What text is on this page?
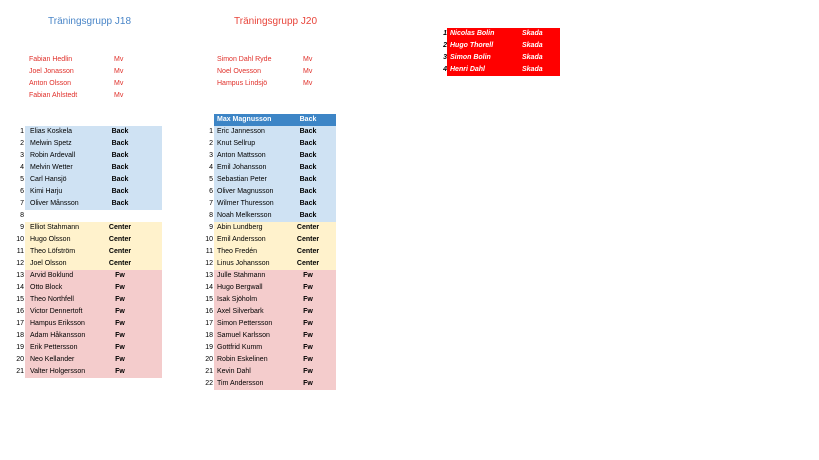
Träningsgrupp J18	Träningsgrupp J20
Fabian Hedlin	Mv
Joel Jonasson	Mv
Anton Olsson	Mv
Fabian Ahlstedt	Mv
Simon Dahl Ryde	Mv
Noel Ovesson	Mv
Hampus Lindsjö	Mv
1 Nicolas Bolin	Skada
2 Hugo Thorell	Skada
3 Simon Bolin	Skada
4 Henri Dahl	Skada
1 Elias Koskela	Back
2 Melwin Spetz	Back
3 Robin Ardevall	Back
4 Melvin Wetter	Back
5 Carl Hansjö	Back
6 Kimi Harju	Back
7 Oliver Månsson	Back
8
9 Elliot Stahmann	Center
10 Hugo Olsson	Center
11 Theo Löfström	Center
12 Joel Olsson	Center
13 Arvid Boklund	Fw
14 Otto Block	Fw
15 Theo Northfell	Fw
16 Victor Dennertoft	Fw
17 Hampus Eriksson	Fw
18 Adam Håkansson	Fw
19 Erik Pettersson	Fw
20 Neo Kellander	Fw
21 Valter Holgersson	Fw
Max Magnusson	Back
1 Eric Jannesson	Back
2 Knut Sellrup	Back
3 Anton Mattsson	Back
4 Emil Johansson	Back
5 Sebastian Peter	Back
6 Oliver Magnusson	Back
7 Wilmer Thuresson	Back
8 Noah Melkersson	Back
9 Abin Lundberg	Center
10 Emil Andersson	Center
11 Theo Fredén	Center
12 Linus Johansson	Center
13 Julle Stahmann	Fw
14 Hugo Bergwall	Fw
15 Isak Sjöholm	Fw
16 Axel Silverbark	Fw
17 Simon Pettersson	Fw
18 Samuel Karlsson	Fw
19 Gottfrid Kumm	Fw
20 Robin Eskelinen	Fw
21 Kevin Dahl	Fw
22 Tim Andersson	Fw
